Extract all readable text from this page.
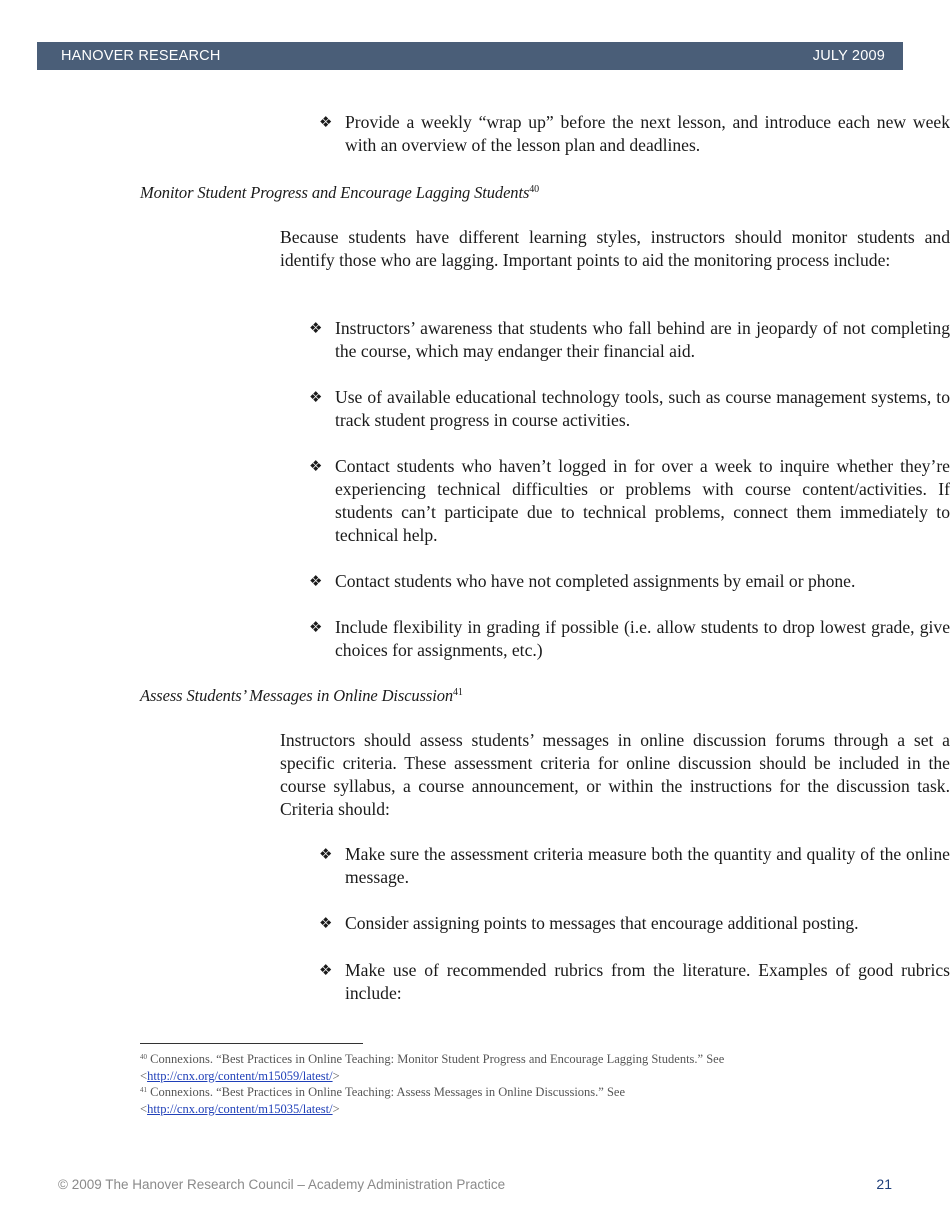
HANOVER RESEARCH	JULY 2009
❖ Provide a weekly “wrap up” before the next lesson, and introduce each new week with an overview of the lesson plan and deadlines.
Monitor Student Progress and Encourage Lagging Students$^{40}$

Because students have different learning styles, instructors should monitor students and identify those who are lagging. Important points to aid the monitoring process include:

❖ Instructors’ awareness that students who fall behind are in jeopardy of not completing the course, which may endanger their financial aid.
❖ Use of available educational technology tools, such as course management systems, to track student progress in course activities.
❖ Contact students who haven’t logged in for over a week to inquire whether they’re experiencing technical difficulties or problems with course content/activities. If students can’t participate due to technical problems, connect them immediately to technical help.
❖ Contact students who have not completed assignments by email or phone.
❖ Include flexibility in grading if possible (i.e. allow students to drop lowest grade, give choices for assignments, etc.)
Assess Students’ Messages in Online Discussion$^{41}$

Instructors should assess students’ messages in online discussion forums through a set a specific criteria. These assessment criteria for online discussion should be included in the course syllabus, a course announcement, or within the instructions for the discussion task. Criteria should:

❖ Make sure the assessment criteria measure both the quantity and quality of the online message.
❖ Consider assigning points to messages that encourage additional posting.
❖ Make use of recommended rubrics from the literature. Examples of good rubrics include:

$^{40}$ Connexions. “Best Practices in Online Teaching: Monitor Student Progress and Encourage Lagging Students.” See
<http://cnx.org/content/m15059/latest/>

$^{41}$ Connexions. “Best Practices in Online Teaching: Assess Messages in Online Discussions.” See
<http://cnx.org/content/m15035/latest/>

© 2009 The Hanover Research Council – Academy Administration Practice	21
